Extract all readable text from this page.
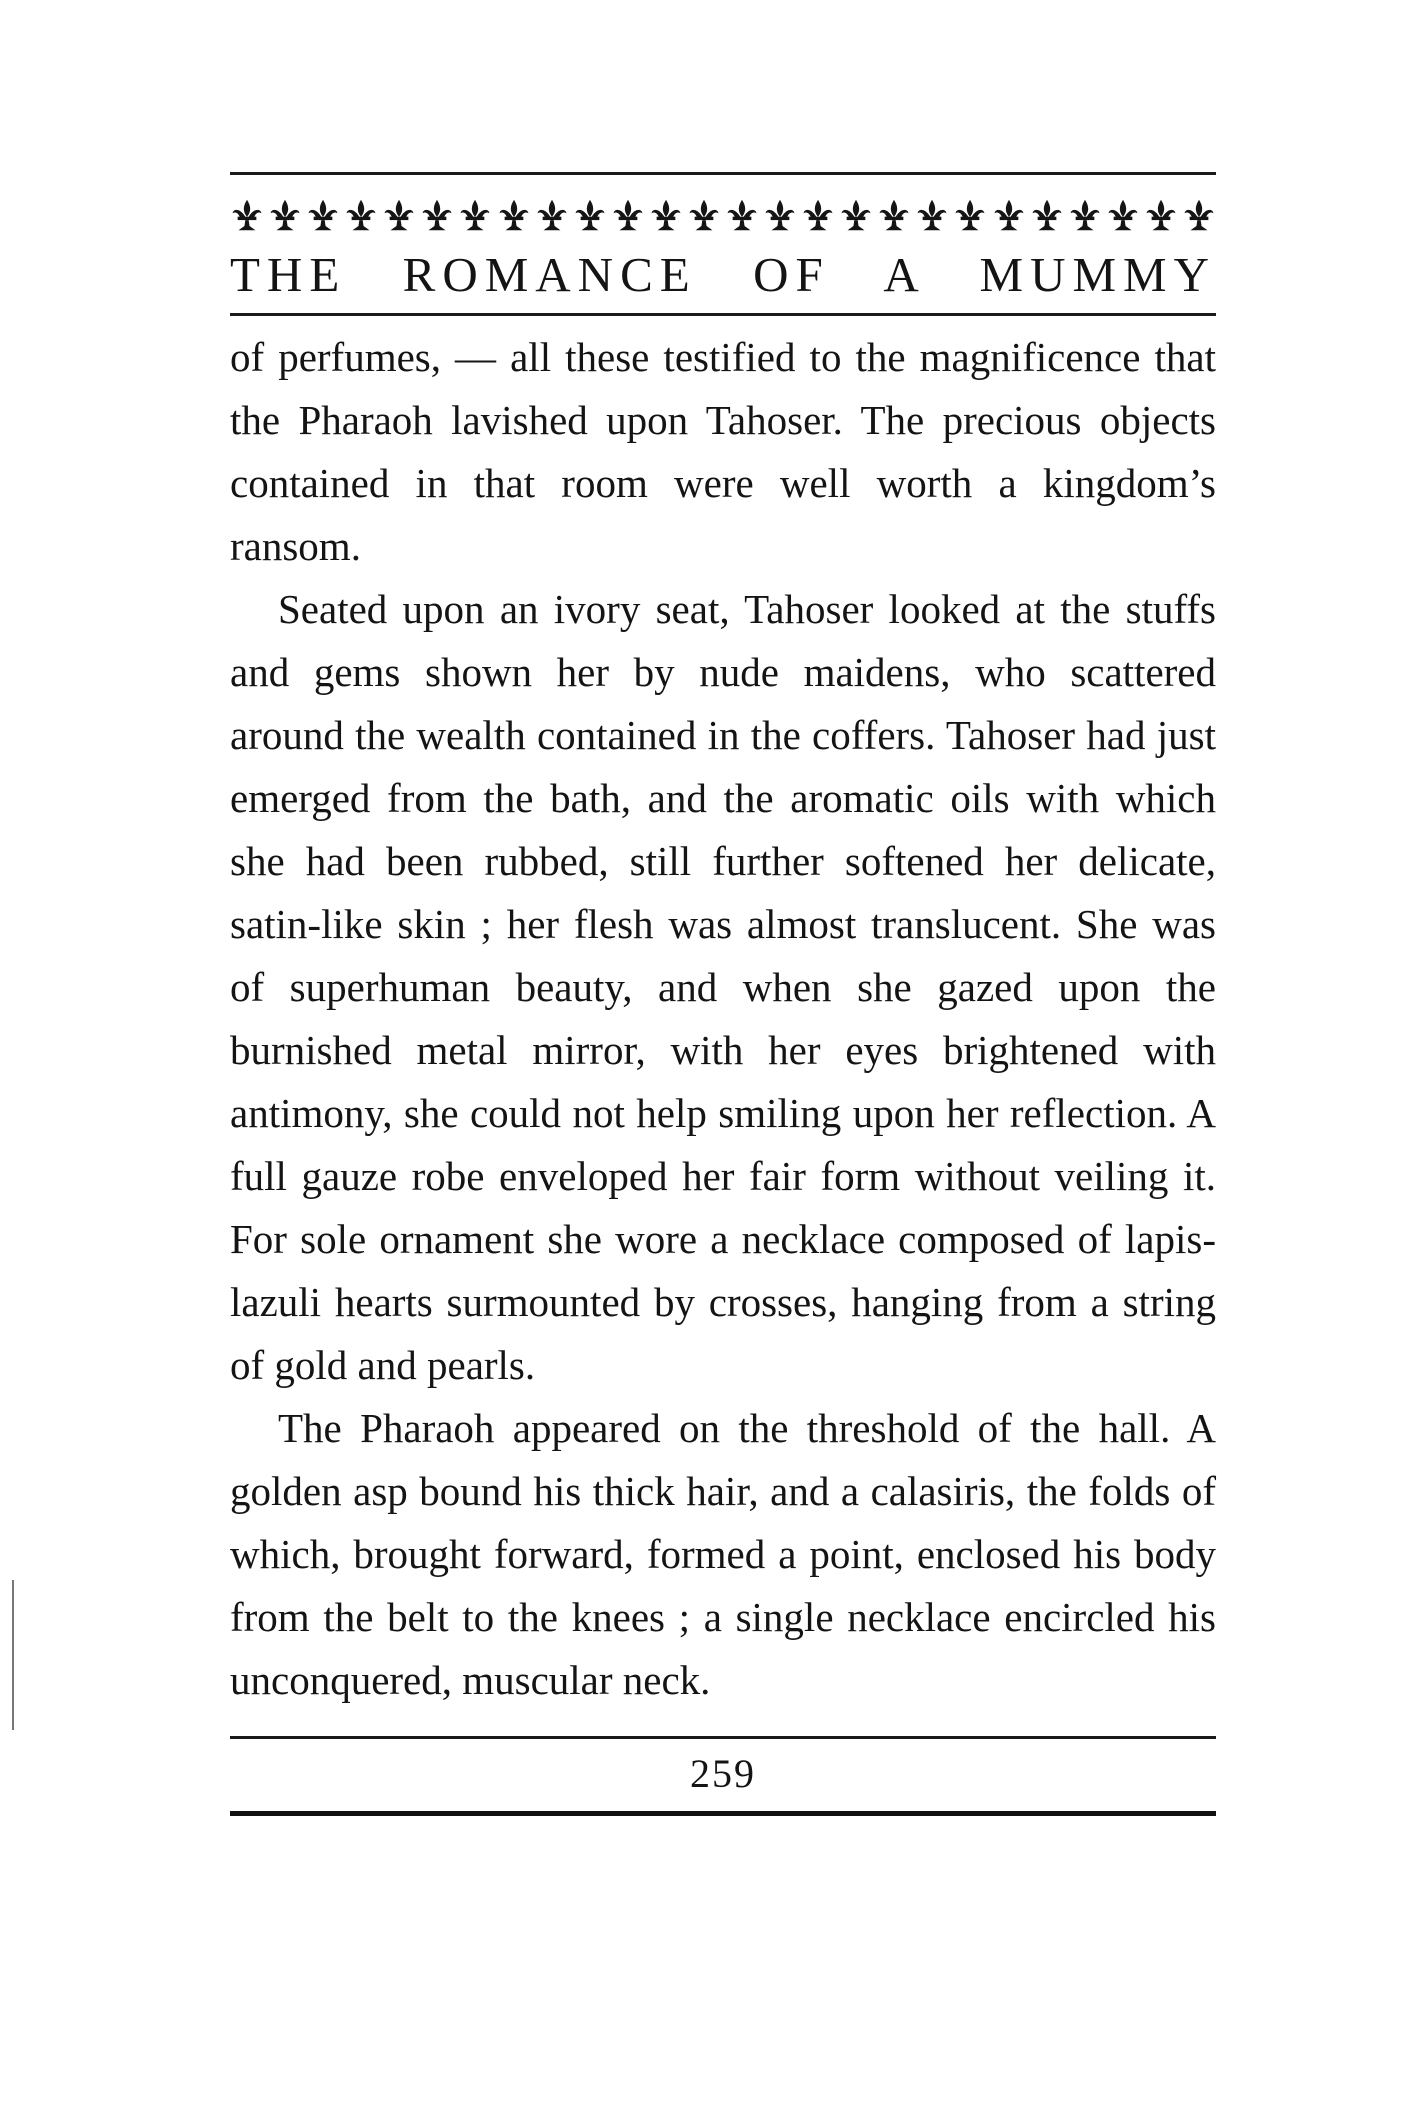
THE ROMANCE OF A MUMMY

of perfumes, — all these testified to the magnificence that the Pharaoh lavished upon Tahoser. The precious objects contained in that room were well worth a kingdom’s ransom.

Seated upon an ivory seat, Tahoser looked at the stuffs and gems shown her by nude maidens, who scattered around the wealth contained in the coffers. Tahoser had just emerged from the bath, and the aromatic oils with which she had been rubbed, still further softened her delicate, satin-like skin ; her flesh was almost translucent. She was of superhuman beauty, and when she gazed upon the burnished metal mirror, with her eyes brightened with antimony, she could not help smiling upon her reflection. A full gauze robe enveloped her fair form without veiling it. For sole ornament she wore a necklace composed of lapis-lazuli hearts surmounted by crosses, hanging from a string of gold and pearls.

The Pharaoh appeared on the threshold of the hall. A golden asp bound his thick hair, and a calasiris, the folds of which, brought forward, formed a point, enclosed his body from the belt to the knees ; a single necklace encircled his unconquered, muscular neck.

259
